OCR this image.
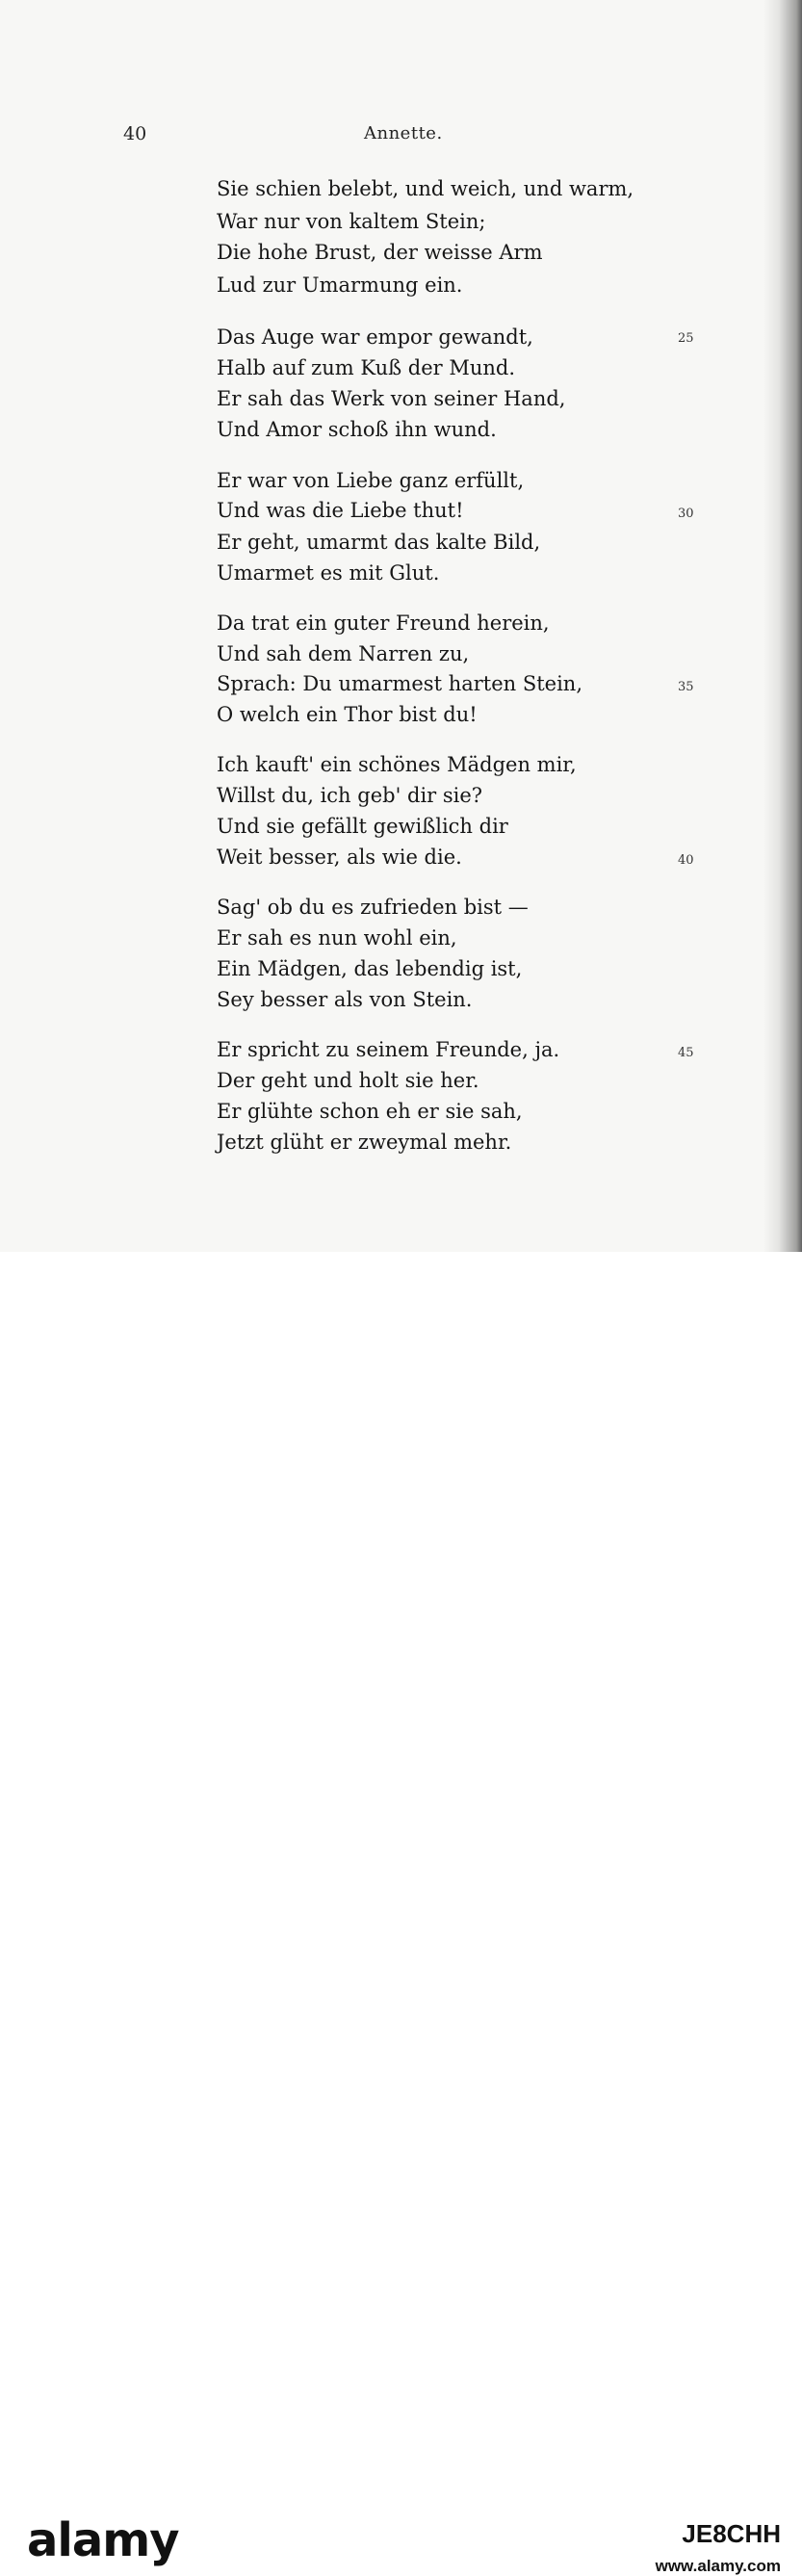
40	Annette.
Sie schien belebt, und weich, und warm,
War nur von kaltem Stein;
Die hohe Brust, der weisse Arm
Lud zur Umarmung ein.
Das Auge war empor gewandt,	25
Halb auf zum Kuß der Mund.
Er sah das Werk von seiner Hand,
Und Amor schoß ihn wund.
Er war von Liebe ganz erfüllt,
Und was die Liebe thut!	30
Er geht, umarmt das kalte Bild,
Umarmet es mit Glut.
Da trat ein guter Freund herein,
Und sah dem Narren zu,
Sprach: Du umarmest harten Stein,	35
O welch ein Thor bist du!
Ich kauft' ein schönes Mädgen mir,
Willst du, ich geb' dir sie?
Und sie gefällt gewißlich dir
Weit besser, als wie die.	40
Sag' ob du es zufrieden bist —
Er sah es nun wohl ein,
Ein Mädgen, das lebendig ist,
Sey besser als von Stein.
Er spricht zu seinem Freunde, ja.	45
Der geht und holt sie her.
Er glühte schon eh er sie sah,
Jetzt glüht er zweymal mehr.
alamy	JE8CHH
www.alamy.com
